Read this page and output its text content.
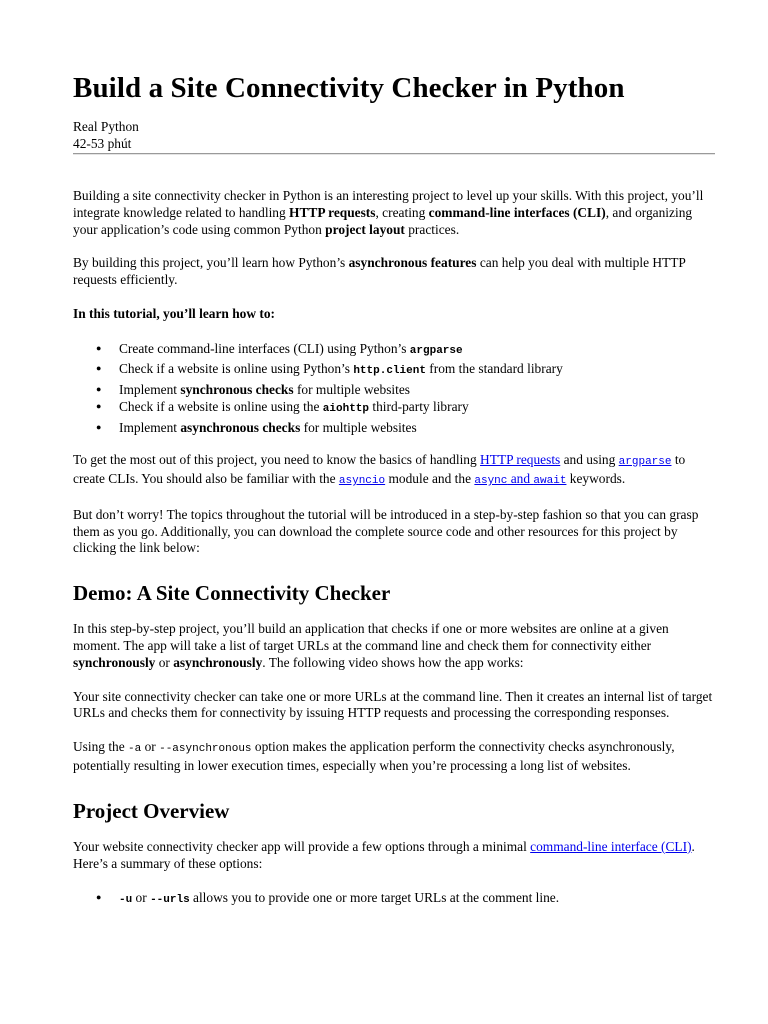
Build a Site Connectivity Checker in Python
Real Python
42-53 phút

Building a site connectivity checker in Python is an interesting project to level up your skills. With this project, you’ll integrate knowledge related to handling HTTP requests, creating command-line interfaces (CLI), and organizing your application’s code using common Python project layout practices.

By building this project, you’ll learn how Python’s asynchronous features can help you deal with multiple HTTP requests efficiently.

In this tutorial, you’ll learn how to:

● Create command-line interfaces (CLI) using Python’s argparse
● Check if a website is online using Python’s http.client from the standard library
● Implement synchronous checks for multiple websites
● Check if a website is online using the aiohttp third-party library
● Implement asynchronous checks for multiple websites

To get the most out of this project, you need to know the basics of handling HTTP requests and using argparse to create CLIs. You should also be familiar with the asyncio module and the async and await keywords.

But don’t worry! The topics throughout the tutorial will be introduced in a step-by-step fashion so that you can grasp them as you go. Additionally, you can download the complete source code and other resources for this project by clicking the link below:

Demo: A Site Connectivity Checker

In this step-by-step project, you’ll build an application that checks if one or more websites are online at a given moment. The app will take a list of target URLs at the command line and check them for connectivity either synchronously or asynchronously. The following video shows how the app works:

Your site connectivity checker can take one or more URLs at the command line. Then it creates an internal list of target URLs and checks them for connectivity by issuing HTTP requests and processing the corresponding responses.

Using the -a or --asynchronous option makes the application perform the connectivity checks asynchronously, potentially resulting in lower execution times, especially when you’re processing a long list of websites.

Project Overview

Your website connectivity checker app will provide a few options through a minimal command-line interface (CLI). Here’s a summary of these options:

● -u or --urls allows you to provide one or more target URLs at the comment line.
